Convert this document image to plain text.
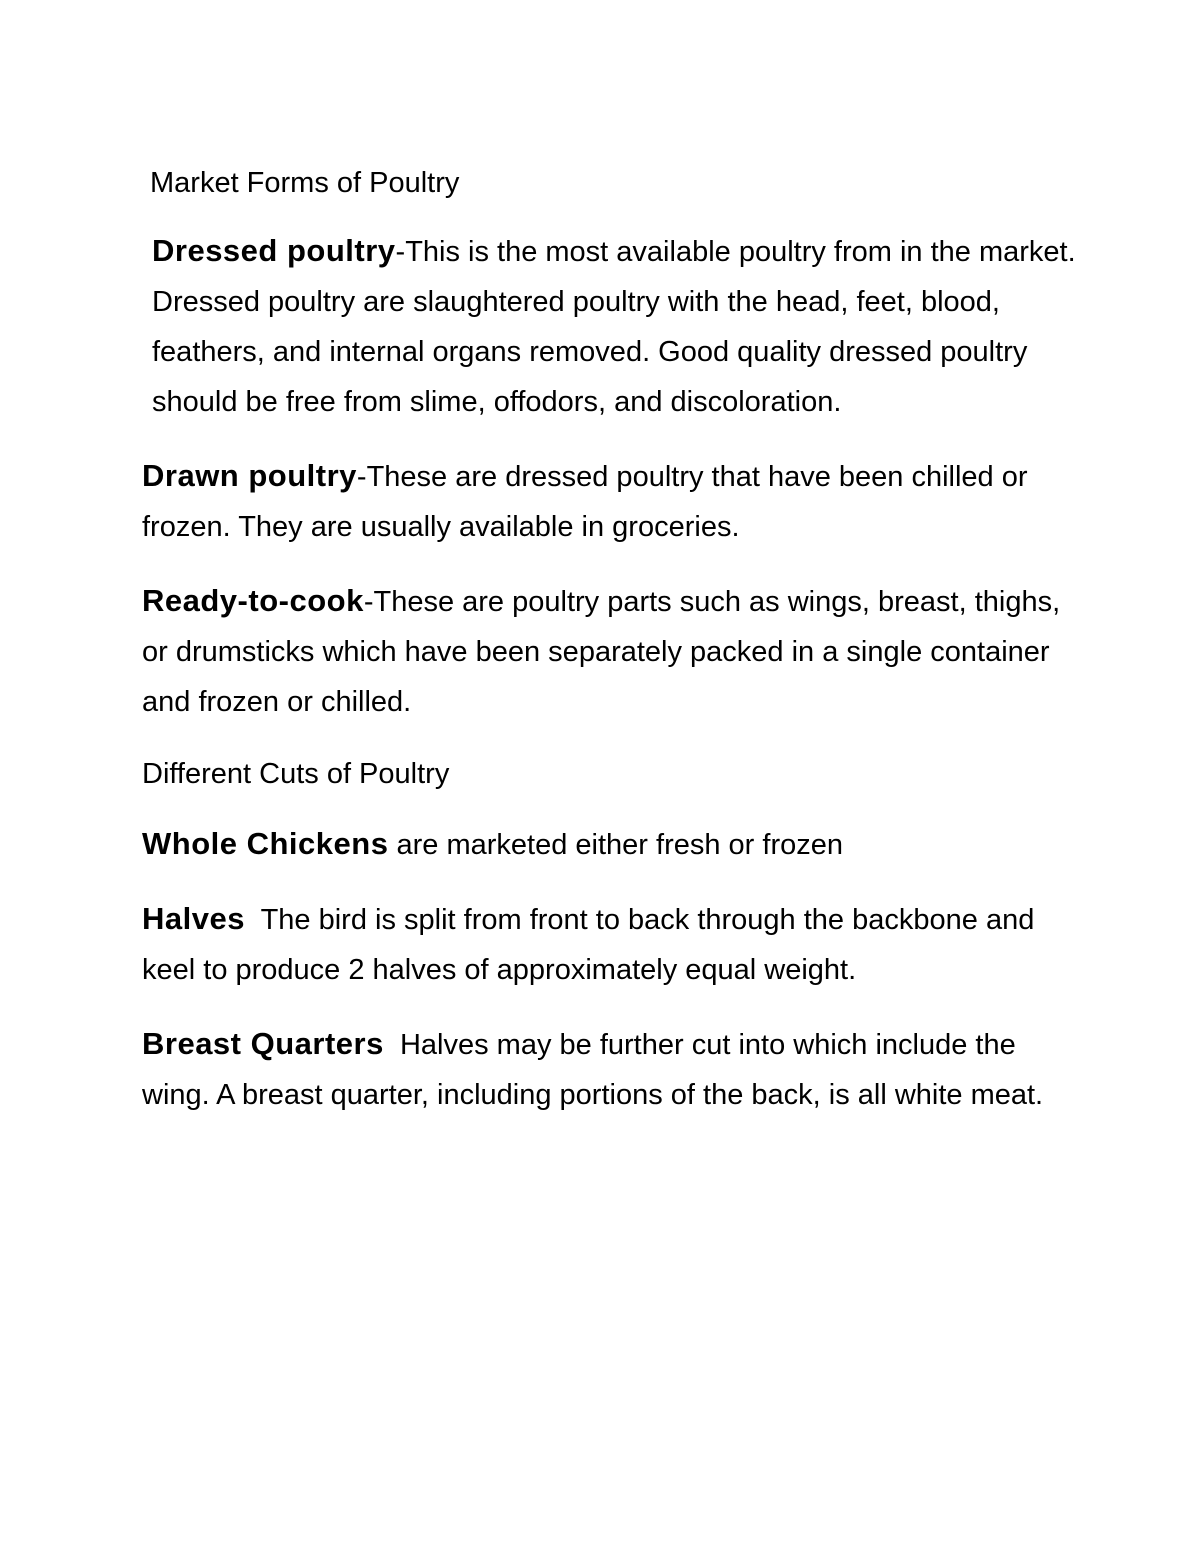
Market Forms of Poultry

Dressed poultry-This is the most available poultry from in the market. Dressed poultry are slaughtered poultry with the head, feet, blood, feathers, and internal organs removed. Good quality dressed poultry should be free from slime, offodors, and discoloration.

Drawn poultry-These are dressed poultry that have been chilled or frozen. They are usually available in groceries.

Ready-to-cook-These are poultry parts such as wings, breast, thighs, or drumsticks which have been separately packed in a single container and frozen or chilled.

Different Cuts of Poultry

Whole Chickens are marketed either fresh or frozen

Halves The bird is split from front to back through the backbone and keel to produce 2 halves of approximately equal weight.

Breast Quarters Halves may be further cut into which include the wing. A breast quarter, including portions of the back, is all white meat.
